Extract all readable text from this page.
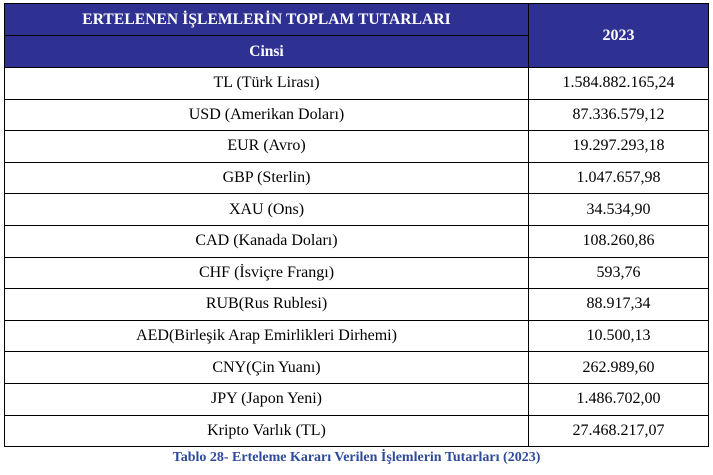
ERTELENEN İŞLEMLERİN TOPLAM TUTARLARI	2023
Cinsi	
TL (Türk Lirası)	1.584.882.165,24
USD (Amerikan Doları)	87.336.579,12
EUR (Avro)	19.297.293,18
GBP (Sterlin)	1.047.657,98
XAU (Ons)	34.534,90
CAD (Kanada Doları)	108.260,86
CHF (İsviçre Frangı)	593,76
RUB(Rus Rublesi)	88.917,34
AED(Birleşik Arap Emirlikleri Dirhemi)	10.500,13
CNY(Çin Yuanı)	262.989,60
JPY (Japon Yeni)	1.486.702,00
Kripto Varlık (TL)	27.468.217,07
Tablo 28- Erteleme Kararı Verilen İşlemlerin Tutarları (2023)
